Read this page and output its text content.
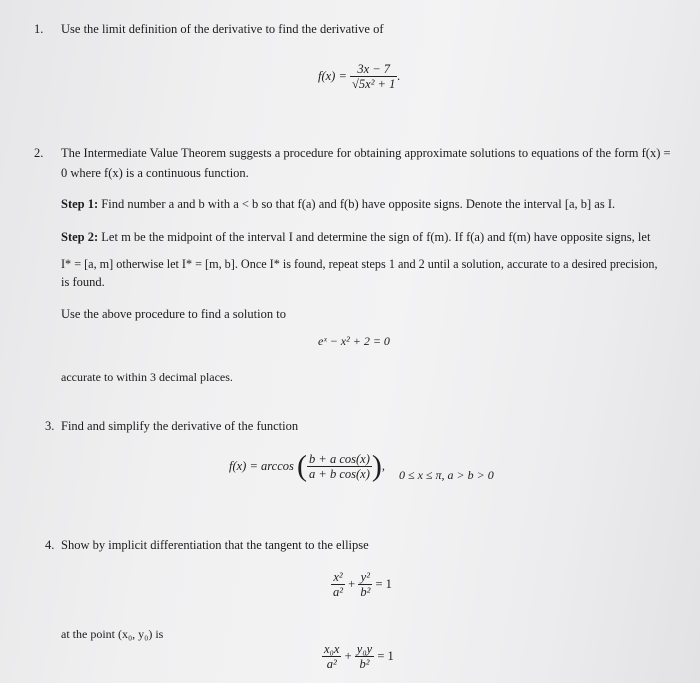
1. Use the limit definition of the derivative to find the derivative of
$f(x) = \frac{3x - 7}{\text{√5x² + 1}}$ .
2. The Intermediate Value Theorem suggests a procedure for obtaining approximate solutions to equations of the form f(x) =
0 where f(x) is a continuous function.
Step 1: Find number a and b with a < b so that f(a) and f(b) have opposite signs. Denote the interval [a, b] as I.
Step 2: Let m be the midpoint of the interval I and determine the sign of f(m). If f(a) and f(m) have opposite signs, let
I* = [a, m] otherwise let I* = [m, b]. Once I* is found, repeat steps 1 and 2 until a solution, accurate to a desired precision,
is found.
Use the above procedure to find a solution to
eˣ − x² + 2 = 0
accurate to within 3 decimal places.
3. Find and simplify the derivative of the function
f(x) = arccos ( $\frac{\text{b + a cos(x)}}{\text{a + b cos(x)}}$ ),
0 ≤ x ≤ π, a > b > 0
4. Show by implicit differentiation that the tangent to the ellipse
$\frac{\text{x²}}{\text{a²}} + \frac{\text{y²}}{\text{b²}} = 1$
at the point (x₀, y₀) is
$\frac{\text{x₀x}}{\text{a²}} + \frac{\text{y₀y}}{\text{b²}} = 1$
